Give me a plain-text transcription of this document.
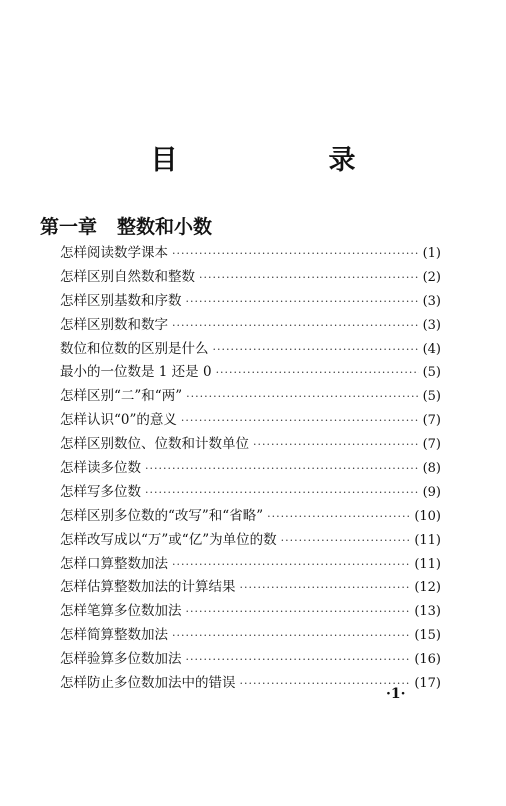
目　录
第一章 整数和小数
怎样阅读数学课本 ·····	(1)
怎样区别自然数和整数 ·····	(2)
怎样区别基数和序数 ·····	(3)
怎样区别数和数字 ·····	(3)
数位和位数的区别是什么 ·····	(4)
最小的一位数是 1 还是 0 ·····	(5)
怎样区别“二”和“两” ·····	(5)
怎样认识“0”的意义 ·····	(7)
怎样区别数位、位数和计数单位 ·····	(7)
怎样读多位数 ·····	(8)
怎样写多位数 ·····	(9)
怎样区别多位数的“改写”和“省略” ·····	(10)
怎样改写成以“万”或“亿”为单位的数 ·····	(11)
怎样口算整数加法 ·····	(11)
怎样估算整数加法的计算结果 ·····	(12)
怎样笔算多位数加法 ·····	(13)
怎样简算整数加法 ·····	(15)
怎样验算多位数加法 ·····	(16)
怎样防止多位数加法中的错误 ·····	(17)
·1·
